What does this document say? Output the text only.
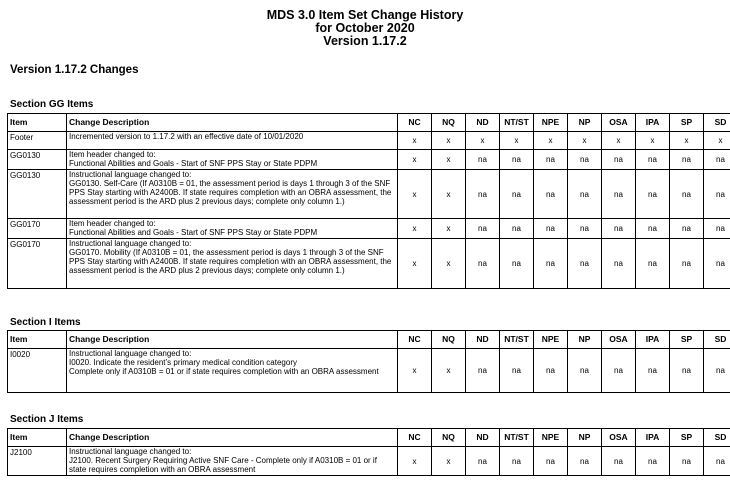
MDS 3.0 Item Set Change History
for October 2020
Version 1.17.2
Version 1.17.2 Changes
Section GG Items
Item	Change Description	NC	NQ	ND	NT/ST	NPE	NP	OSA	IPA	SP	SD
Footer	Incremented version to 1.17.2 with an effective date of 10/01/2020	x	x	x	x	x	x	x	x	x	x
GG0130	Item header changed to:
Functional Abilities and Goals - Start of SNF PPS Stay or State PDPM	x	x	na	na	na	na	na	na	na	na
GG0130	Instructional language changed to:
GG0130. Self-Care (If A0310B = 01, the assessment period is days 1 through 3 of the SNF PPS Stay starting with A2400B. If state requires completion with an OBRA assessment, the assessment period is the ARD plus 2 previous days; complete only column 1.)	x	x	na	na	na	na	na	na	na	na
GG0170	Item header changed to:
Functional Abilities and Goals - Start of SNF PPS Stay or State PDPM	x	x	na	na	na	na	na	na	na	na
GG0170	Instructional language changed to:
GG0170. Mobility (If A0310B = 01, the assessment period is days 1 through 3 of the SNF PPS Stay starting with A2400B. If state requires completion with an OBRA assessment, the assessment period is the ARD plus 2 previous days; complete only column 1.)	x	x	na	na	na	na	na	na	na	na
Section I Items
Item	Change Description	NC	NQ	ND	NT/ST	NPE	NP	OSA	IPA	SP	SD
I0020	Instructional language changed to:
I0020. Indicate the resident’s primary medical condition category
Complete only if A0310B = 01 or if state requires completion with an OBRA assessment	x	x	na	na	na	na	na	na	na	na
Section J Items
Item	Change Description	NC	NQ	ND	NT/ST	NPE	NP	OSA	IPA	SP	SD
J2100	Instructional language changed to:
J2100. Recent Surgery Requiring Active SNF Care - Complete only if A0310B = 01 or if state requires completion with an OBRA assessment	x	x	na	na	na	na	na	na	na	na
